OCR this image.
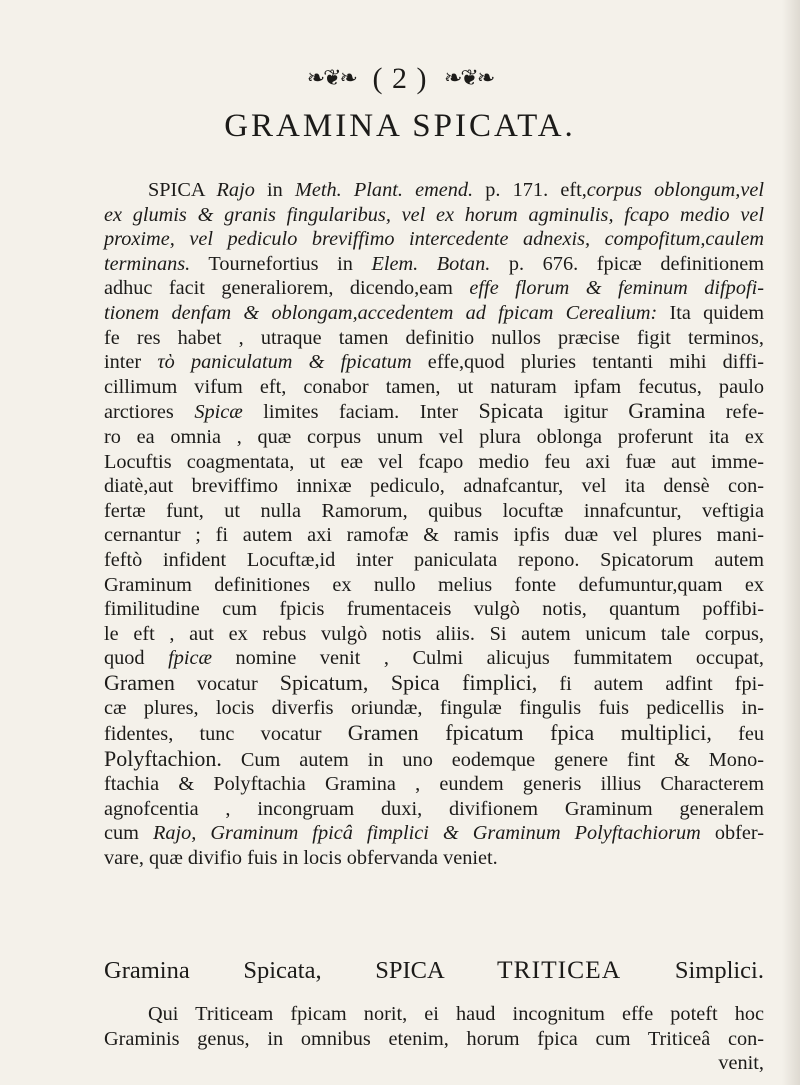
❧❦❧ ( 2 ) ❧❦❧
GRAMINA SPICATA.
SPICA Rajo in Meth. Plant. emend. p. 171. eft,corpus oblongum,vel
ex glumis & granis fingularibus, vel ex horum agminulis, fcapo medio vel
proxime, vel pediculo breviffimo intercedente adnexis, compofitum,caulem
terminans. Tournefortius in Elem. Botan. p. 676. fpicæ definitionem
adhuc facit generaliorem, dicendo,eam effe florum & feminum difpofi-
tionem denfam & oblongam,accedentem ad fpicam Cerealium: Ita quidem
fe res habet , utraque tamen definitio nullos præcise figit terminos,
inter τὸ paniculatum & fpicatum effe,quod pluries tentanti mihi diffi-
cillimum vifum eft, conabor tamen, ut naturam ipfam fecutus, paulo
arctiores Spicæ limites faciam. Inter Spicata igitur Gramina refe-
ro ea omnia , quæ corpus unum vel plura oblonga proferunt ita ex
Locuftis coagmentata, ut eæ vel fcapo medio feu axi fuæ aut imme-
diatè,aut breviffimo innixæ pediculo, adnafcantur, vel ita densè con-
fertæ funt, ut nulla Ramorum, quibus locuftæ innafcuntur, veftigia
cernantur ; fi autem axi ramofæ & ramis ipfis duæ vel plures mani-
feftò infident Locuftæ,id inter paniculata repono. Spicatorum autem
Graminum definitiones ex nullo melius fonte defumuntur,quam ex
fimilitudine cum fpicis frumentaceis vulgò notis, quantum poffibi-
le eft , aut ex rebus vulgò notis aliis. Si autem unicum tale corpus,
quod fpicæ nomine venit , Culmi alicujus fummitatem occupat,
Gramen vocatur Spicatum, Spica fimplici, fi autem adfint fpi-
cæ plures, locis diverfis oriundæ, fingulæ fingulis fuis pedicellis in-
fidentes, tunc vocatur Gramen fpicatum fpica multiplici, feu
Polyftachion. Cum autem in uno eodemque genere fint & Mono-
ftachia & Polyftachia Gramina , eundem generis illius Characterem
agnofcentia , incongruam duxi, divifionem Graminum generalem
cum Rajo, Graminum fpicâ fimplici & Graminum Polyftachiorum obfer-
vare, quæ divifio fuis in locis obfervanda veniet.
Gramina Spicata, SPICA TRITICEA Simplici.
Qui Triticeam fpicam norit, ei haud incognitum effe poteft hoc
Graminis genus, in omnibus etenim, horum fpica cum Triticeâ con-
venit,
